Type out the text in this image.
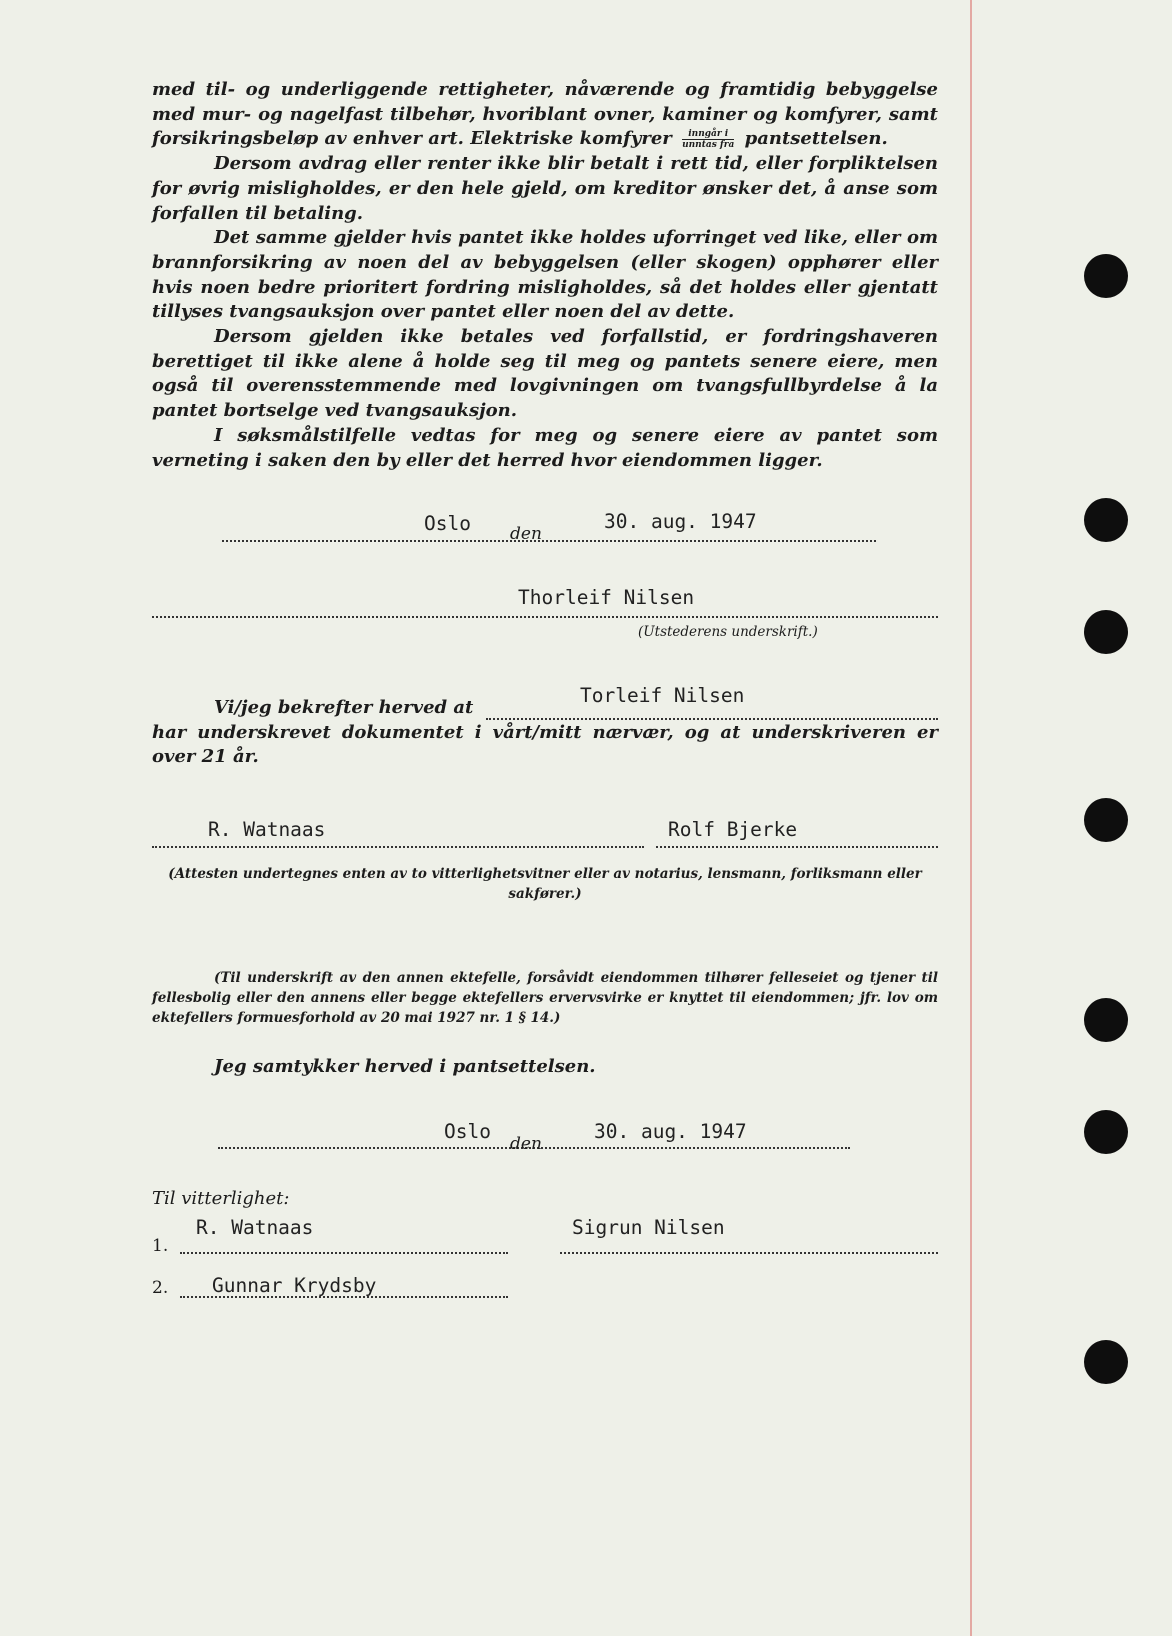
med til- og underliggende rettigheter, nåværende og framtidig bebyggelse med mur- og nagelfast tilbehør, hvoriblant ovner, kaminer og komfyrer, samt forsikringsbeløp av enhver art. Elektriske komfyrer $\frac{\text{inngår i}}{\text{unntas fra}}$ pantsettelsen.

Dersom avdrag eller renter ikke blir betalt i rett tid, eller forpliktelsen for øvrig misligholdes, er den hele gjeld, om kreditor ønsker det, å anse som forfallen til betaling.

Det samme gjelder hvis pantet ikke holdes uforringet ved like, eller om brannforsikring av noen del av bebyggelsen (eller skogen) opphører eller hvis noen bedre prioritert fordring misligholdes, så det holdes eller gjentatt tillyses tvangsauksjon over pantet eller noen del av dette.

Dersom gjelden ikke betales ved forfallstid, er fordringshaveren berettiget til ikke alene å holde seg til meg og pantets senere eiere, men også til overensstemmende med lovgivningen om tvangsfullbyrdelse å la pantet bortselge ved tvangsauksjon.

I søksmålstilfelle vedtas for meg og senere eiere av pantet som verneting i saken den by eller det herred hvor eiendommen ligger.

Oslo den
30. aug. 1947
Thorleif Nilsen
(Utstederens underskrift.)
Vi/jeg bekrefter herved at
Torleif Nilsen
har underskrevet dokumentet i vårt/mitt nærvær, og at underskriveren er
over 21 år.
R. Watnaas	Rolf Bjerke
(Attesten undertegnes enten av to vitterlighetsvitner eller av notarius, lensmann, forliksmann eller sakfører.)
(Til underskrift av den annen ektefelle, forsåvidt eiendommen tilhører felleseiet og tjener til fellesbolig eller den annens eller begge ektefellers ervervsvirke er knyttet til eiendommen; jfr. lov om ektefellers formuesforhold av 20 mai 1927 nr. 1 § 14.)
Jeg samtykker herved i pantsettelsen.
Oslo
den
30. aug. 1947
Til vitterlighet:
1.
R. Watnaas	Sigrun Nilsen
2. Gunnar Krydsby
